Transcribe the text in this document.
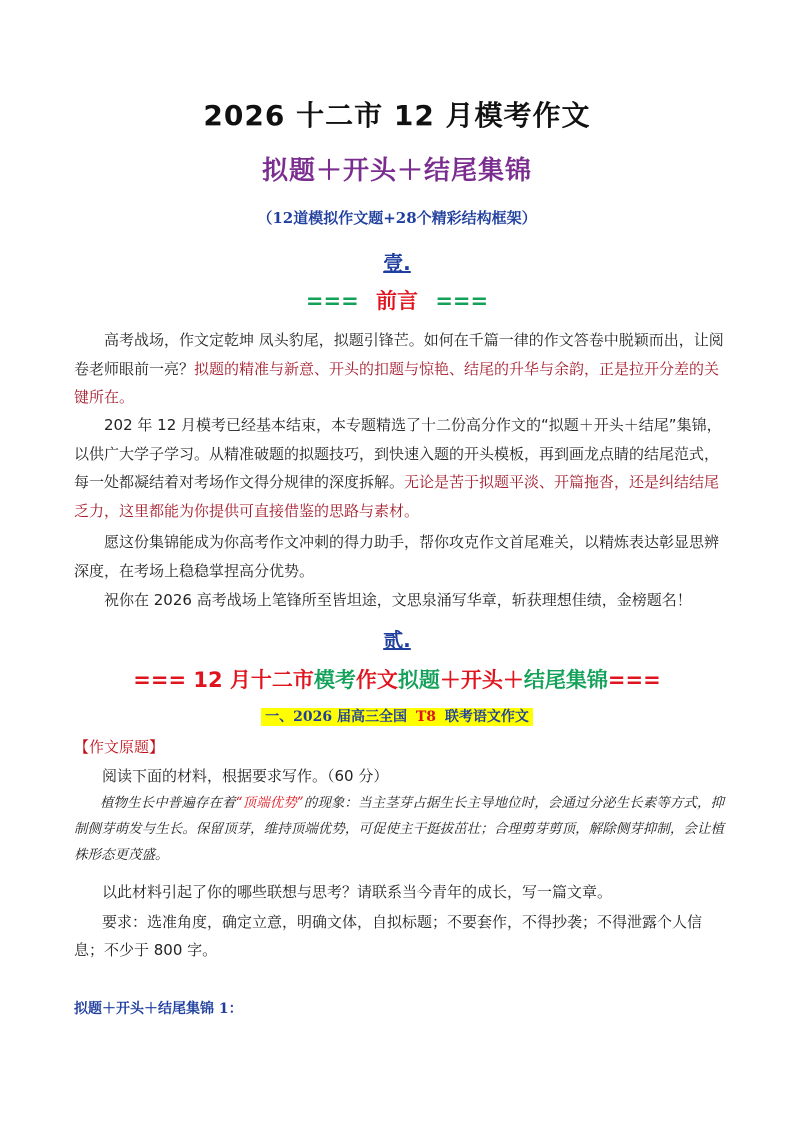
2026 十二市 12 月模考作文
拟题＋开头＋结尾集锦
（12道模拟作文题+28个精彩结构框架）
壹.
=== 前言 ===

高考战场，作文定乾坤 凤头豹尾，拟题引锋芒。如何在千篇一律的作文答卷中脱颖而出，让阅卷老师眼前一亮？拟题的精准与新意、开头的扣题与惊艳、结尾的升华与余韵，正是拉开分差的关键所在。

202 年 12 月模考已经基本结束，本专题精选了十二份高分作文的“拟题＋开头＋结尾”集锦，以供广大学子学习。从精准破题的拟题技巧，到快速入题的开头模板，再到画龙点睛的结尾范式，每一处都凝结着对考场作文得分规律的深度拆解。无论是苦于拟题平淡、开篇拖沓，还是纠结结尾乏力，这里都能为你提供可直接借鉴的思路与素材。

愿这份集锦能成为你高考作文冲刺的得力助手，帮你攻克作文首尾难关，以精炼表达彰显思辨深度，在考场上稳稳掌捏高分优势。

祝你在 2026 高考战场上笔锋所至皆坦途，文思泉涌写华章，斩获理想佳绩，金榜题名！

贰.
=== 12 月十二市模考作文拟题＋开头＋结尾集锦===
一、2026 届高三全国 T8 联考语文作文
【作文原题】

阅读下面的材料，根据要求写作。（60 分）

植物生长中普遍存在着“顶端优势”的现象：当主茎芽占据生长主导地位时，会通过分泌生长素等方式，抑制侧芽萌发与生长。保留顶芽，维持顶端优势，可促使主干挺拔茁壮；合理剪芽剪顶，解除侧芽抑制，会让植株形态更茂盛。

以此材料引起了你的哪些联想与思考？请联系当今青年的成长，写一篇文章。

要求：选准角度，确定立意，明确文体，自拟标题；不要套作，不得抄袭；不得泄露个人信息；不少于 800 字。

拟题＋开头＋结尾集锦 1：
